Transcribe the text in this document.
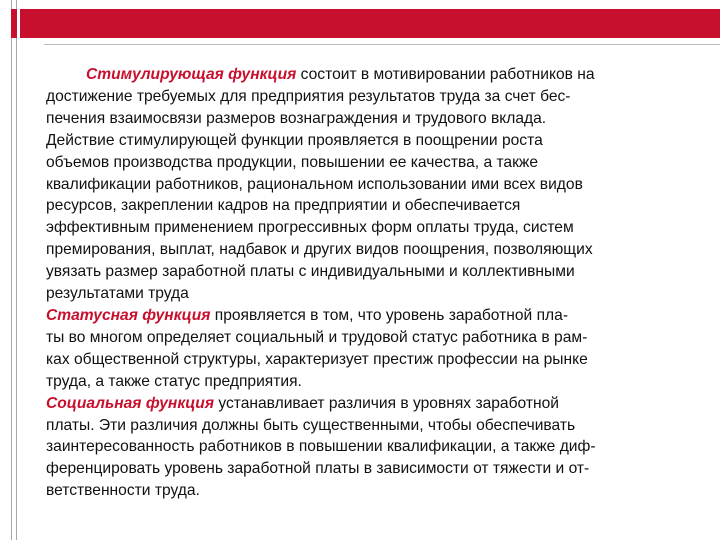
Стимулирующая функция состоит в мотивировании работников на
достижение требуемых для предприятия результатов труда за счет бес-
печения взаимосвязи размеров вознаграждения и трудового вклада.
Действие стимулирующей функции проявляется в поощрении роста
объемов производства продукции, повышении ее качества, а также
квалификации работников, рациональном использовании ими всех видов
ресурсов, закреплении кадров на предприятии и обеспечивается
эффективным применением прогрессивных форм оплаты труда, систем
премирования, выплат, надбавок и других видов поощрения, позволяющих
увязать размер заработной платы с индивидуальными и коллективными
результатами труда
Статусная функция проявляется в том, что уровень заработной пла-
ты во многом определяет социальный и трудовой статус работника в рам-
ках общественной структуры, характеризует престиж профессии на рынке
труда, а также статус предприятия.
Социальная функция устанавливает различия в уровнях заработной
платы. Эти различия должны быть существенными, чтобы обеспечивать
заинтересованность работников в повышении квалификации, а также диф-
ференцировать уровень заработной платы в зависимости от тяжести и от-
ветственности труда.
